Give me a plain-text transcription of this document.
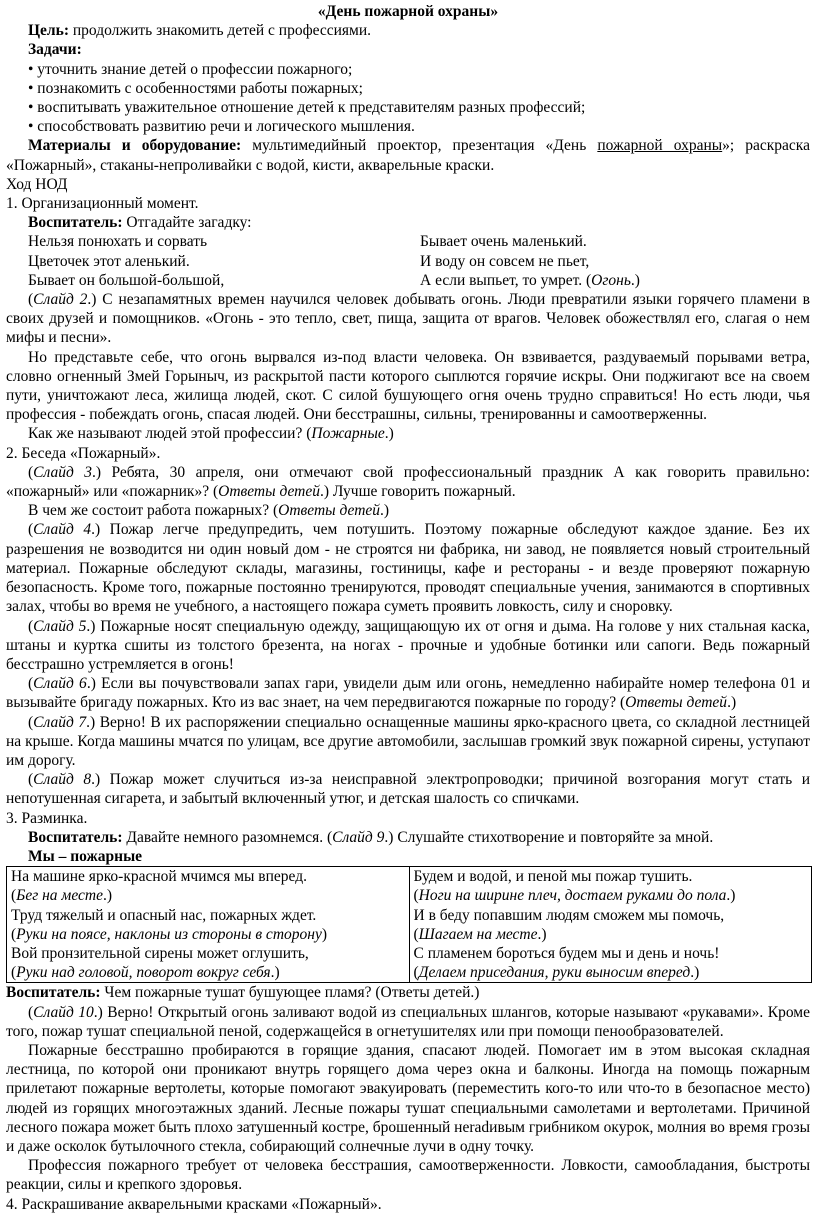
«День пожарной охраны»

Цель: продолжить знакомить детей с профессиями.

Задачи:

• уточнить знание детей о профессии пожарного;

• познакомить с особенностями работы пожарных;

• воспитывать уважительное отношение детей к представителям разных профессий;

• способствовать развитию речи и логического мышления.

Материалы и оборудование: мультимедийный проектор, презентация «День пожарной охраны»; раскраска «Пожарный», стаканы-непроливайки с водой, кисти, акварельные краски.

Ход НОД

1. Организационный момент.

Воспитатель: Отгадайте загадку:

Нельзя понюхать и сорвать	Бывает очень маленький.
Цветочек этот аленький.	И воду он совсем не пьет,
Бывает он большой-большой,	А если выпьет, то умрет. (Огонь.)

(Слайд 2.) С незапамятных времен научился человек добывать огонь. Люди превратили языки горячего пламени в своих друзей и помощников. «Огонь - это тепло, свет, пища, защита от врагов. Человек обожествлял его, слагая о нем мифы и песни».

Но представьте себе, что огонь вырвался из-под власти человека. Он взвивается, раздуваемый порывами ветра, словно огненный Змей Горыныч, из раскрытой пасти которого сыплются горячие искры. Они поджигают все на своем пути, уничтожают леса, жилища людей, скот. С силой бушующего огня очень трудно справиться! Но есть люди, чья профессия - побеждать огонь, спасая людей. Они бесстрашны, сильны, тренированны и самоотверженны.

Как же называют людей этой профессии? (Пожарные.)

2. Беседа «Пожарный».

(Слайд 3.) Ребята, 30 апреля, они отмечают свой профессиональный праздник А как говорить правильно: «пожарный» или «пожарник»? (Ответы детей.) Лучше говорить пожарный.

В чем же состоит работа пожарных? (Ответы детей.)

(Слайд 4.) Пожар легче предупредить, чем потушить. Поэтому пожарные обследуют каждое здание. Без их разрешения не возводится ни один новый дом - не строятся ни фабрика, ни завод, не появляется новый строительный материал. Пожарные обследуют склады, магазины, гостиницы, кафе и рестораны - и везде проверяют пожарную безопасность. Кроме того, пожарные постоянно тренируются, проводят специальные учения, занимаются в спортивных залах, чтобы во время не учебного, а настоящего пожара суметь проявить ловкость, силу и сноровку.

(Слайд 5.) Пожарные носят специальную одежду, защищающую их от огня и дыма. На голове у них стальная каска, штаны и куртка сшиты из толстого брезента, на ногах - прочные и удобные ботинки или сапоги. Ведь пожарный бесстрашно устремляется в огонь!

(Слайд 6.) Если вы почувствовали запах гари, увидели дым или огонь, немедленно набирайте номер телефона 01 и вызывайте бригаду пожарных. Кто из вас знает, на чем передвигаются пожарные по городу? (Ответы детей.)

(Слайд 7.) Верно! В их распоряжении специально оснащенные машины ярко-красного цвета, со складной лестницей на крыше. Когда машины мчатся по улицам, все другие автомобили, заслышав громкий звук пожарной сирены, уступают им дорогу.

(Слайд 8.) Пожар может случиться из-за неисправной электропроводки; причиной возгорания могут стать и непотушенная сигарета, и забытый включенный утюг, и детская шалость со спичками.

3. Разминка.

Воспитатель: Давайте немного разомнемся. (Слайд 9.) Слушайте стихотворение и повторяйте за мной.

Мы – пожарные
На машине ярко-красной мчимся мы вперед.
(Бег на месте.)
Труд тяжелый и опасный нас, пожарных ждет.
(Руки на поясе, наклоны из стороны в сторону)
Вой пронзительной сирены может оглушить,
(Руки над головой, поворот вокруг себя.)

Будем и водой, и пеной мы пожар тушить.
(Ноги на ширине плеч, достаем руками до пола.)
И в беду попавшим людям сможем мы помочь,
(Шагаем на месте.)
С пламенем бороться будем мы и день и ночь!
(Делаем приседания, руки выносим вперед.)

Воспитатель: Чем пожарные тушат бушующее пламя? (Ответы детей.)

(Слайд 10.) Верно! Открытый огонь заливают водой из специальных шлангов, которые называют «рукавами». Кроме того, пожар тушат специальной пеной, содержащейся в огнетушителях или при помощи пенообразователей.

Пожарные бесстрашно пробираются в горящие здания, спасают людей. Помогает им в этом высокая складная лестница, по которой они проникают внутрь горящего дома через окна и балконы. Иногда на помощь пожарным прилетают пожарные вертолеты, которые помогают эвакуировать (переместить кого-то или что-то в безопасное место) людей из горящих многоэтажных зданий. Лесные пожары тушат специальными самолетами и вертолетами. Причиной лесного пожара может быть плохо затушенный костре, брошенный неradивым грибником окурок, молния во время грозы и даже осколок бутылочного стекла, собирающий солнечные лучи в одну точку.

Профессия пожарного требует от человека бесстрашия, самоотверженности. Ловкости, самообладания, быстроты реакции, силы и крепкого здоровья.

4. Раскрашивание акварельными красками «Пожарный».
